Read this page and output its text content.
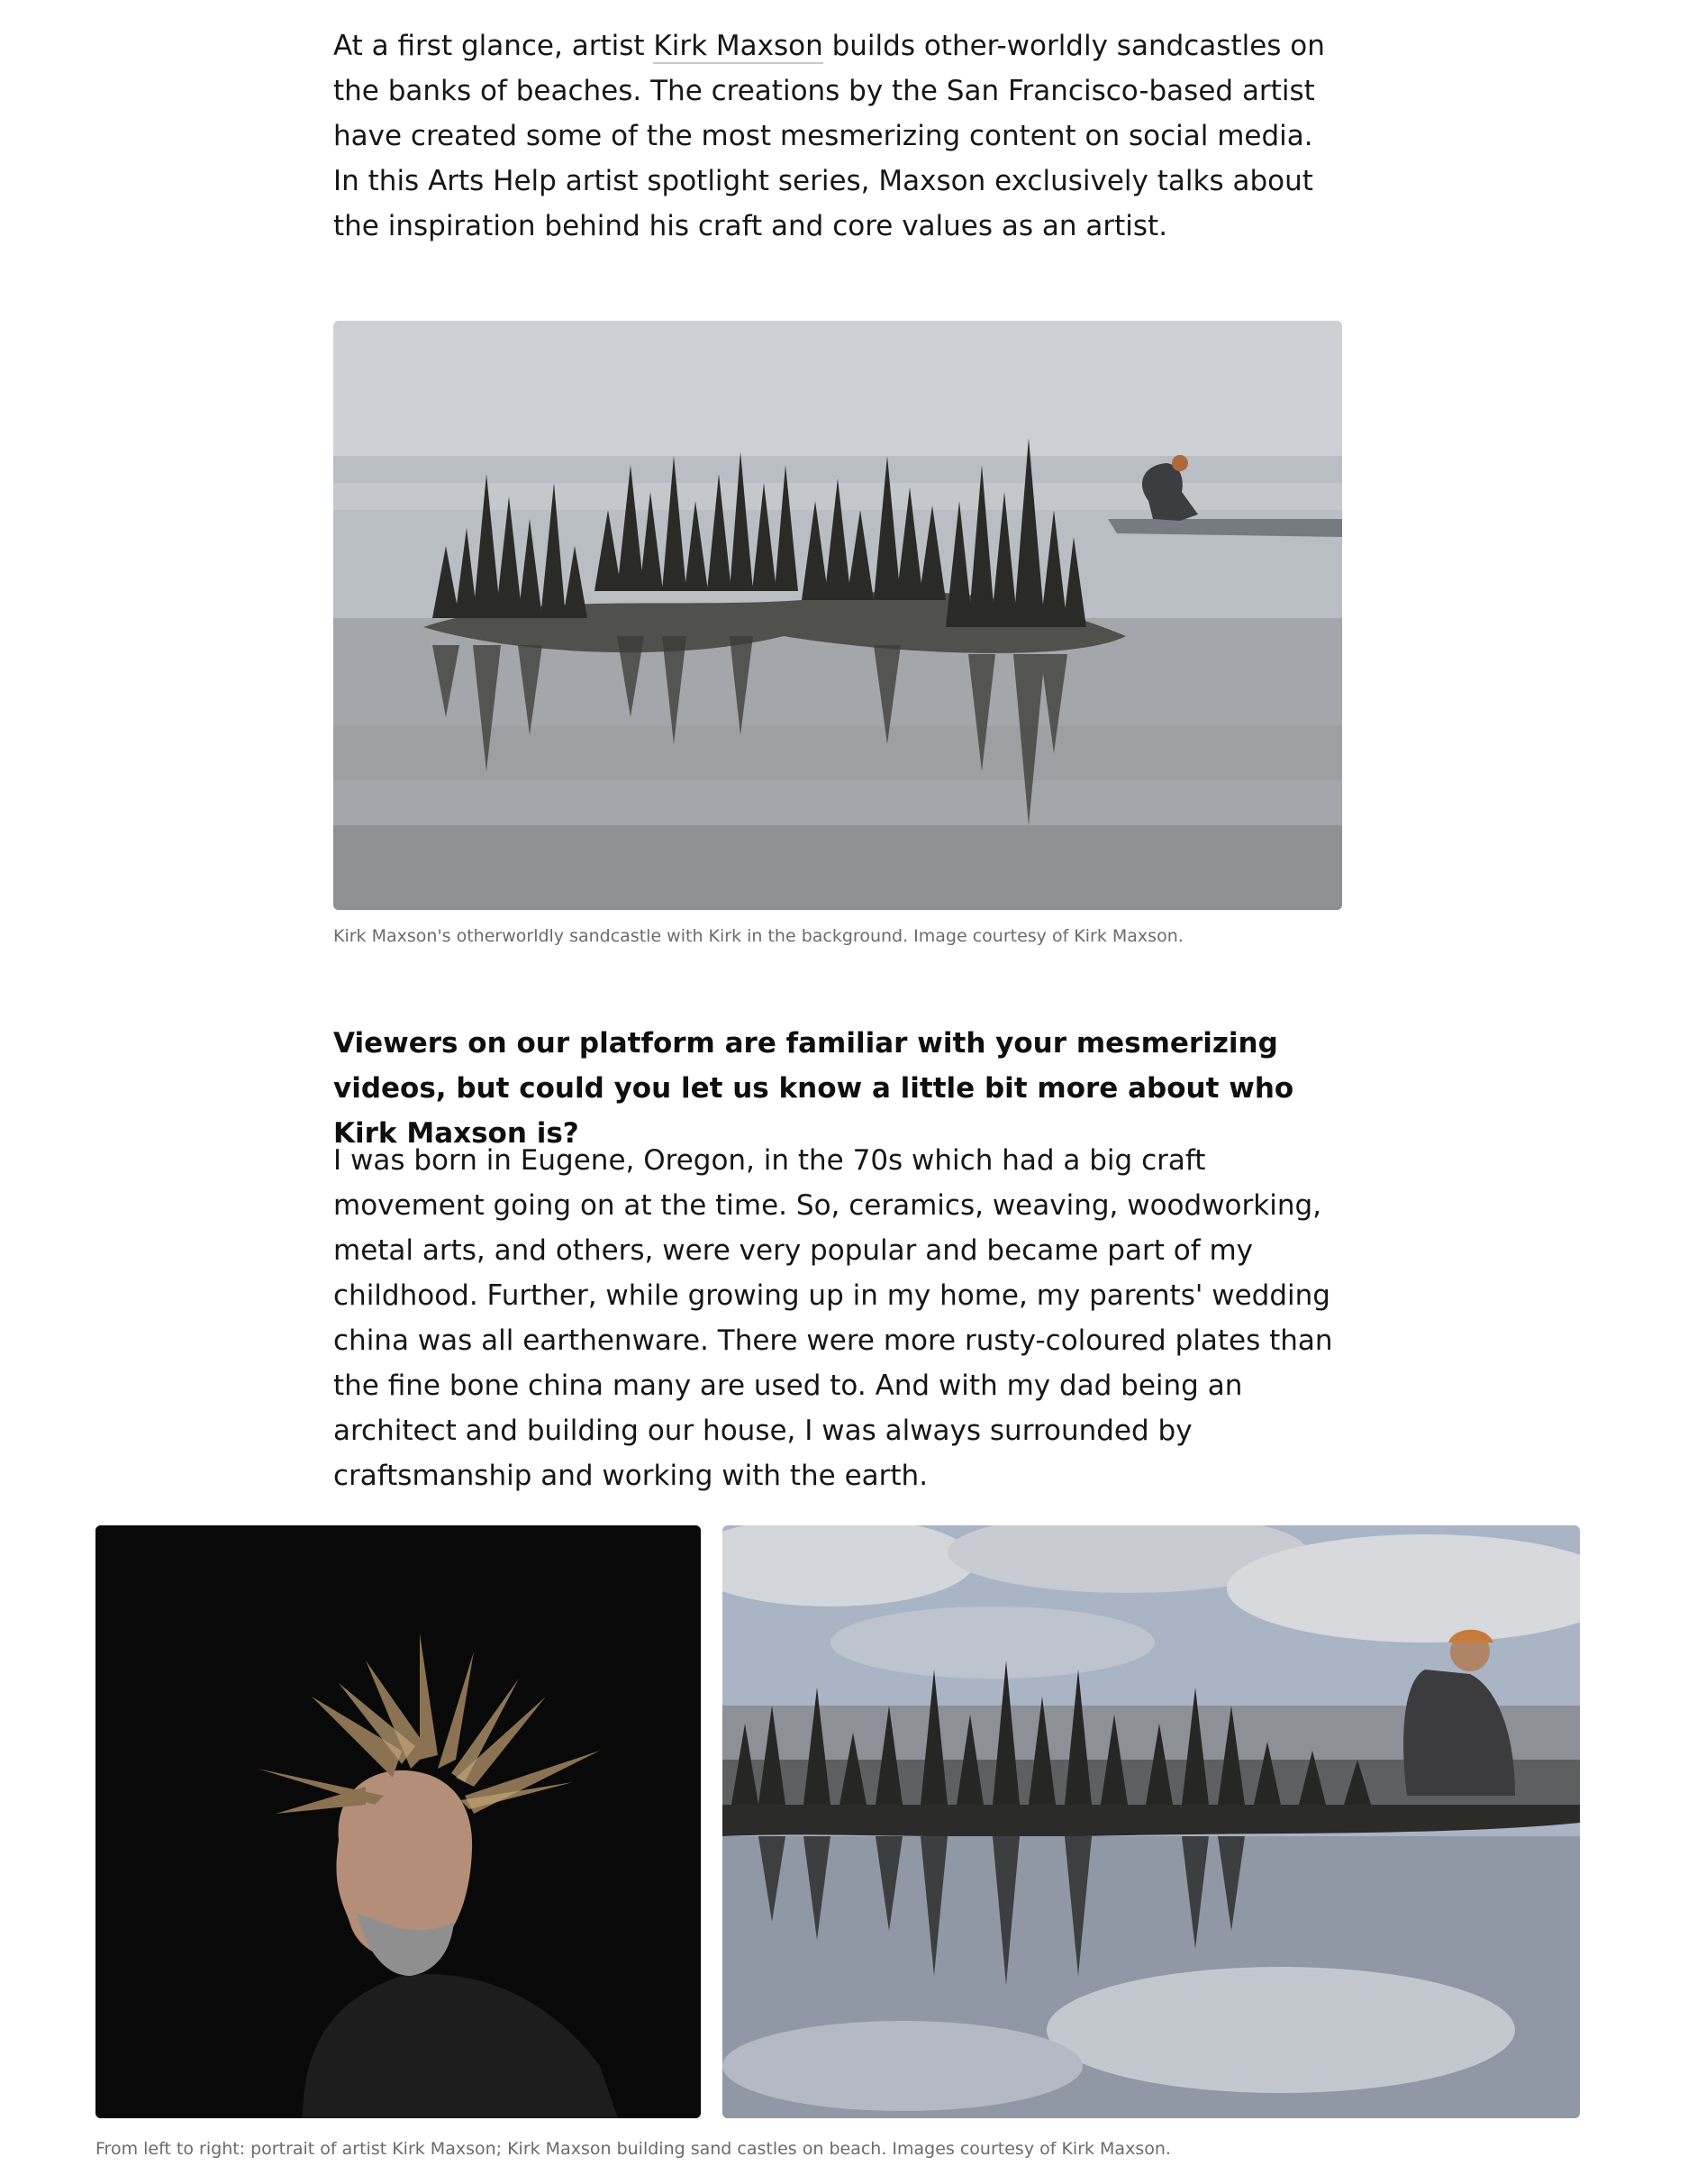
At a first glance, artist Kirk Maxson builds other-worldly sandcastles on the banks of beaches. The creations by the San Francisco-based artist have created some of the most mesmerizing content on social media. In this Arts Help artist spotlight series, Maxson exclusively talks about the inspiration behind his craft and core values as an artist.

Kirk Maxson's otherworldly sandcastle with Kirk in the background. Image courtesy of Kirk Maxson.

Viewers on our platform are familiar with your mesmerizing videos, but could you let us know a little bit more about who Kirk Maxson is?

I was born in Eugene, Oregon, in the 70s which had a big craft movement going on at the time. So, ceramics, weaving, woodworking, metal arts, and others, were very popular and became part of my childhood. Further, while growing up in my home, my parents' wedding china was all earthenware. There were more rusty-coloured plates than the fine bone china many are used to. And with my dad being an architect and building our house, I was always surrounded by craftsmanship and working with the earth.

From left to right: portrait of artist Kirk Maxson; Kirk Maxson building sand castles on beach. Images courtesy of Kirk Maxson.
